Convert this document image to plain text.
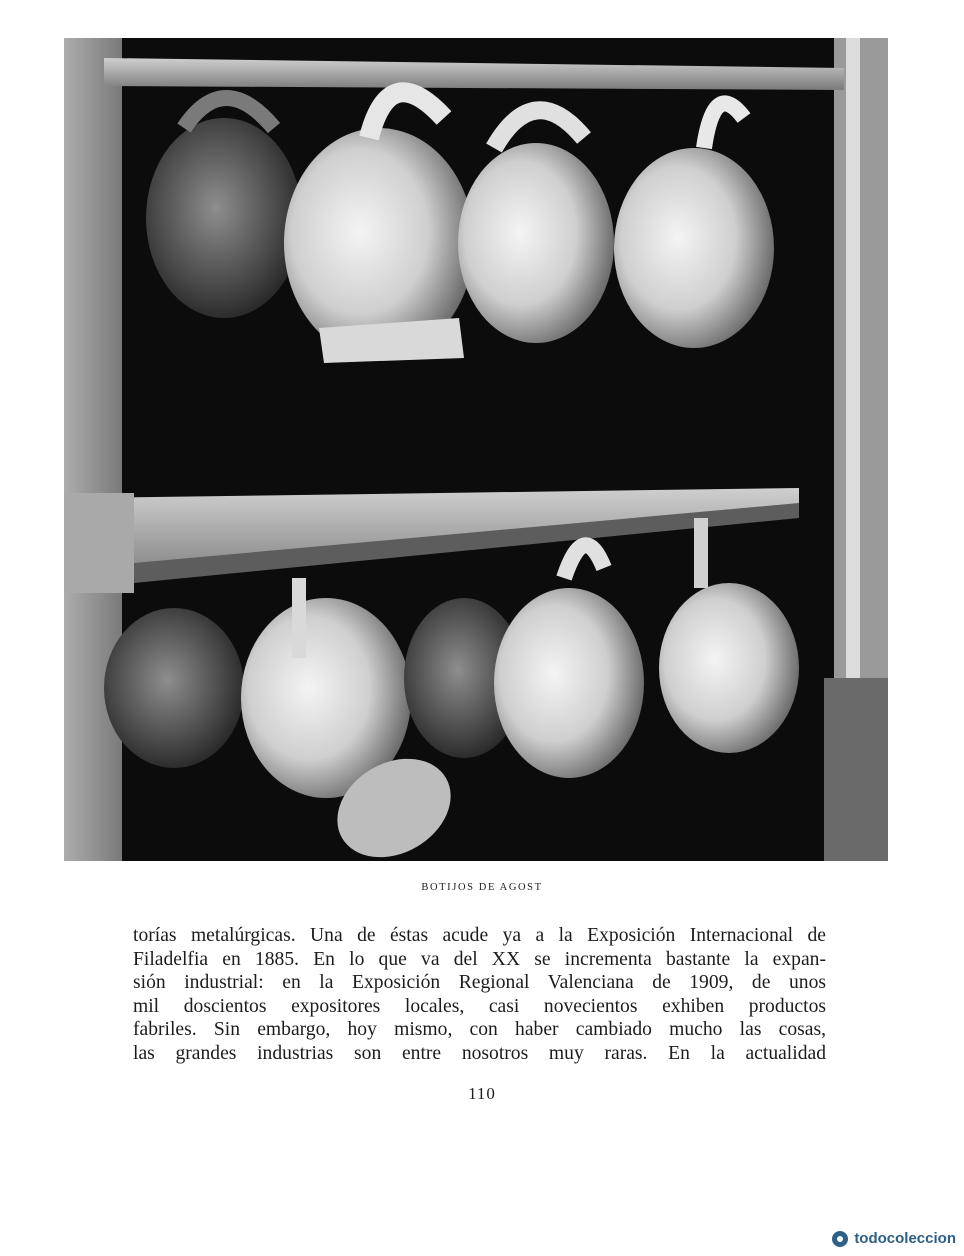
BOTIJOS DE AGOST
torías metalúrgicas. Una de éstas acude ya a la Exposición Internacional de
Filadelfia en 1885. En lo que va del XX se incrementa bastante la expan-
sión industrial: en la Exposición Regional Valenciana de 1909, de unos
mil doscientos expositores locales, casi novecientos exhiben productos
fabriles. Sin embargo, hoy mismo, con haber cambiado mucho las cosas,
las grandes industrias son entre nosotros muy raras. En la actualidad
110
todocoleccion
